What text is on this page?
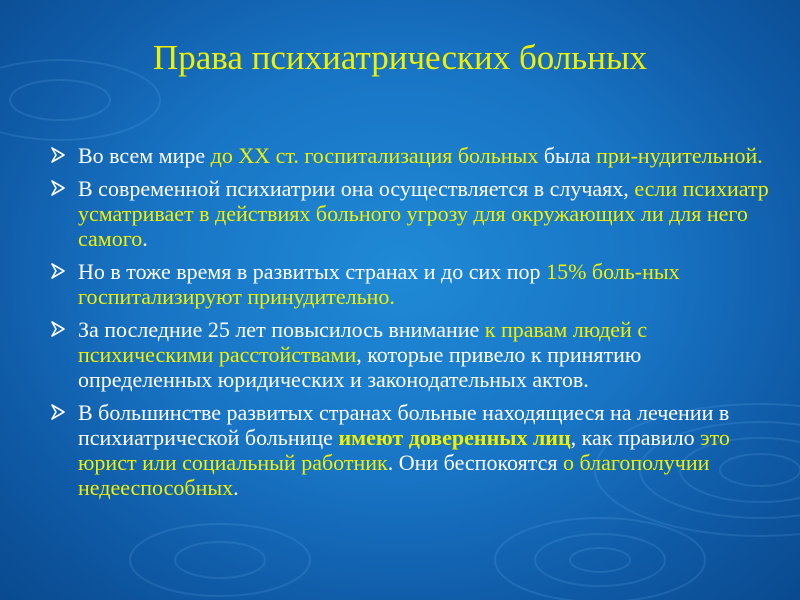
Права психиатрических больных
Во всем мире до XX ст. госпитализация больных была при-нудительной.
В современной психиатрии она осуществляется в случаях, если психиатр усматривает в действиях больного угрозу для окружающих ли для него самого.
Но в тоже время в развитых странах и до сих пор 15% боль-ных госпитализируют принудительно.
За последние 25 лет повысилось внимание к правам людей с психическими расстойствами, которые привело к принятию определенных юридических и законодательных актов.
В большинстве развитых странах больные находящиеся на лечении в психиатрической больнице имеют доверенных лиц, как правило это юрист или социальный работник. Они беспокоятся о благополучии недееспособных.
